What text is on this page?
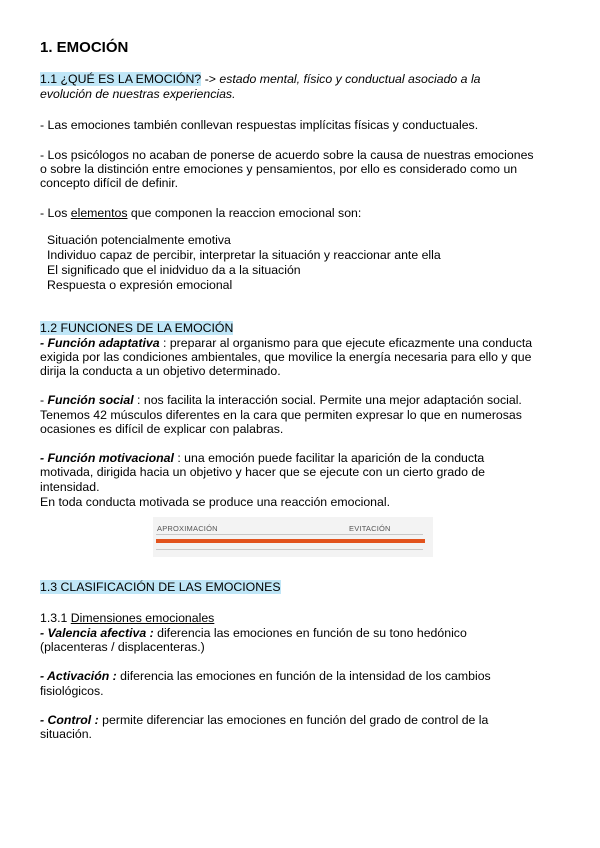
1. EMOCIÓN
1.1 ¿QUÉ ES LA EMOCIÓN? -> estado mental, físico y conductual asociado a la
evolución de nuestras experiencias.
- Las emociones también conllevan respuestas implícitas físicas y conductuales.
- Los psicólogos no acaban de ponerse de acuerdo sobre la causa de nuestras emociones
o sobre la distinción entre emociones y pensamientos, por ello es considerado como un
concepto difícil de definir.
- Los elementos que componen la reaccion emocional son:
Situación potencialmente emotiva
Individuo capaz de percibir, interpretar la situación y reaccionar ante ella
El significado que el inidviduo da a la situación
Respuesta o expresión emocional
1.2 FUNCIONES DE LA EMOCIÓN
- Función adaptativa : preparar al organismo para que ejecute eficazmente una conducta
exigida por las condiciones ambientales, que movilice la energía necesaria para ello y que
dirija la conducta a un objetivo determinado.
- Función social : nos facilita la interacción social. Permite una mejor adaptación social.
Tenemos 42 músculos diferentes en la cara que permiten expresar lo que en numerosas
ocasiones es difícil de explicar con palabras.
- Función motivacional : una emoción puede facilitar la aparición de la conducta
motivada, dirigida hacia un objetivo y hacer que se ejecute con un cierto grado de
intensidad.
En toda conducta motivada se produce una reacción emocional.
APROXIMACIÓN	EVITACIÓN
1.3 CLASIFICACIÓN DE LAS EMOCIONES
1.3.1 Dimensiones emocionales
- Valencia afectiva : diferencia las emociones en función de su tono hedónico
(placenteras / displacenteras.)
- Activación : diferencia las emociones en función de la intensidad de los cambios
fisiológicos.
- Control : permite diferenciar las emociones en función del grado de control de la
situación.
